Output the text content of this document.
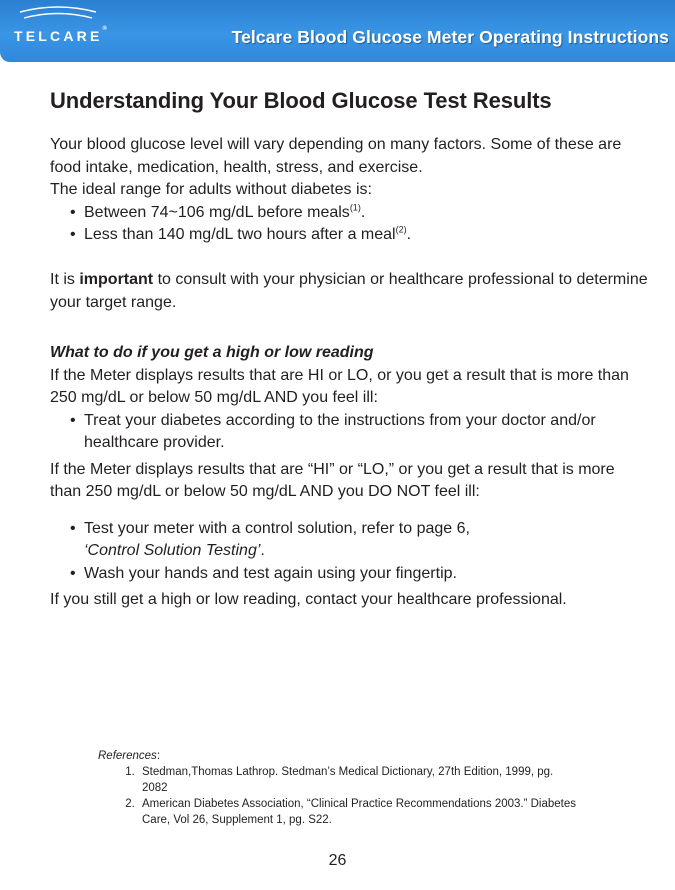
TELCARE®	Telcare Blood Glucose Meter Operating Instructions
Understanding Your Blood Glucose Test Results

Your blood glucose level will vary depending on many factors. Some of these are food intake, medication, health, stress, and exercise.

The ideal range for adults without diabetes is:

• Between 74~106 mg/dL before meals$^{(1)}$.
• Less than 140 mg/dL two hours after a meal$^{(2)}$.

It is important to consult with your physician or healthcare professional to determine your target range.

What to do if you get a high or low reading

If the Meter displays results that are HI or LO, or you get a result that is more than 250 mg/dL or below 50 mg/dL AND you feel ill:

• Treat your diabetes according to the instructions from your doctor and/or healthcare provider.

If the Meter displays results that are “HI” or “LO,” or you get a result that is more than 250 mg/dL or below 50 mg/dL AND you DO NOT feel ill:

• Test your meter with a control solution, refer to page 6,
‘Control Solution Testing’.
• Wash your hands and test again using your fingertip.

If you still get a high or low reading, contact your healthcare professional.

References:
1. Stedman,Thomas Lathrop. Stedman’s Medical Dictionary, 27th Edition, 1999, pg. 2082
2. American Diabetes Association, “Clinical Practice Recommendations 2003.” Diabetes Care, Vol 26, Supplement 1, pg. S22.
26
